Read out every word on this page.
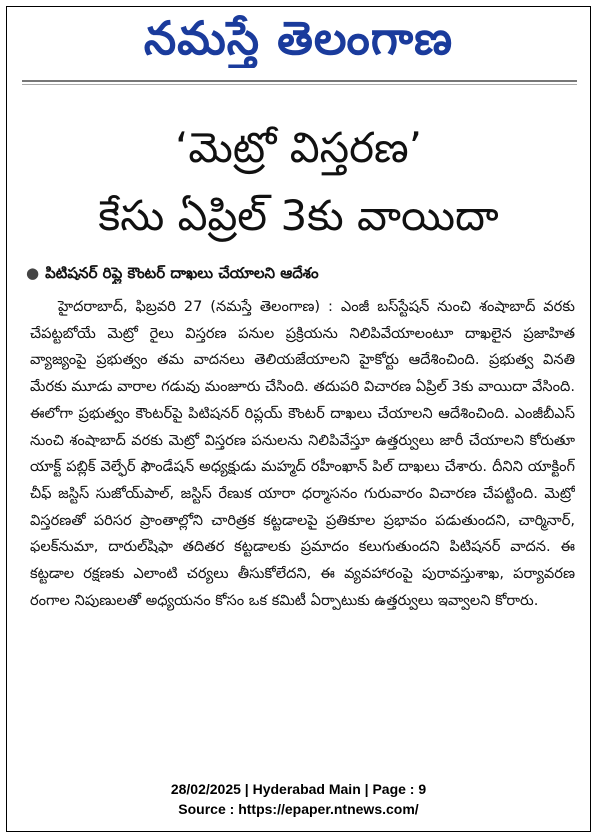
నమస్తే తెలంగాణ
‘మెట్రో విస్తరణ’
కేసు ఏప్రిల్ 3కు వాయిదా
● పిటిషనర్ రిప్లై కౌంటర్ దాఖలు చేయాలని ఆదేశం

హైదరాబాద్, ఫిబ్రవరి 27 (నమస్తే తెలంగాణ) : ఎంజీ బస్‌స్టేషన్ నుంచి శంషాబాద్ వరకు చేపట్టబోయే మెట్రో రైలు విస్తరణ పనుల ప్రక్రియను నిలిపివేయాలంటూ దాఖలైన ప్రజాహిత వ్యాజ్యంపై ప్రభుత్వం తమ వాదనలు తెలియజేయాలని హైకోర్టు ఆదేశించింది. ప్రభుత్వ వినతి మేరకు మూడు వారాల గడువు మంజూరు చేసింది. తదుపరి విచారణ ఏప్రిల్ 3కు వాయిదా వేసింది. ఈలోగా ప్రభుత్వం కౌంటర్‌పై పిటిషనర్ రిప్లయ్ కౌంటర్ దాఖలు చేయాలని ఆదేశించింది. ఎంజీబీఎస్ నుంచి శంషాబాద్ వరకు మెట్రో విస్తరణ పనులను నిలిపివేస్తూ ఉత్తర్వులు జారీ చేయాలని కోరుతూ యాక్ట్ పబ్లిక్ వెల్ఫేర్ ఫౌండేషన్ అధ్యక్షుడు మహ్మద్ రహీంఖాన్ పిల్ దాఖలు చేశారు. దీనిని యాక్టింగ్ చీఫ్ జస్టిస్ సుజోయ్‌పాల్, జస్టిస్ రేణుక యారా ధర్మాసనం గురువారం విచారణ చేపట్టింది. మెట్రో విస్తరణతో పరిసర ప్రాంతాల్లోని చారిత్రక కట్టడాలపై ప్రతికూల ప్రభావం పడుతుందని, చార్మినార్, ఫలక్‌నుమా, దారుల్‌షిఫా తదితర కట్టడాలకు ప్రమాదం కలుగుతుందని పిటిషనర్ వాదన. ఈ కట్టడాల రక్షణకు ఎలాంటి చర్యలు తీసుకోలేదని, ఈ వ్యవహారంపై పురావస్తుశాఖ, పర్యావరణ రంగాల నిపుణులతో అధ్యయనం కోసం ఒక కమిటీ ఏర్పాటుకు ఉత్తర్వులు ఇవ్వాలని కోరారు.

28/02/2025 | Hyderabad Main | Page : 9
Source : https://epaper.ntnews.com/
